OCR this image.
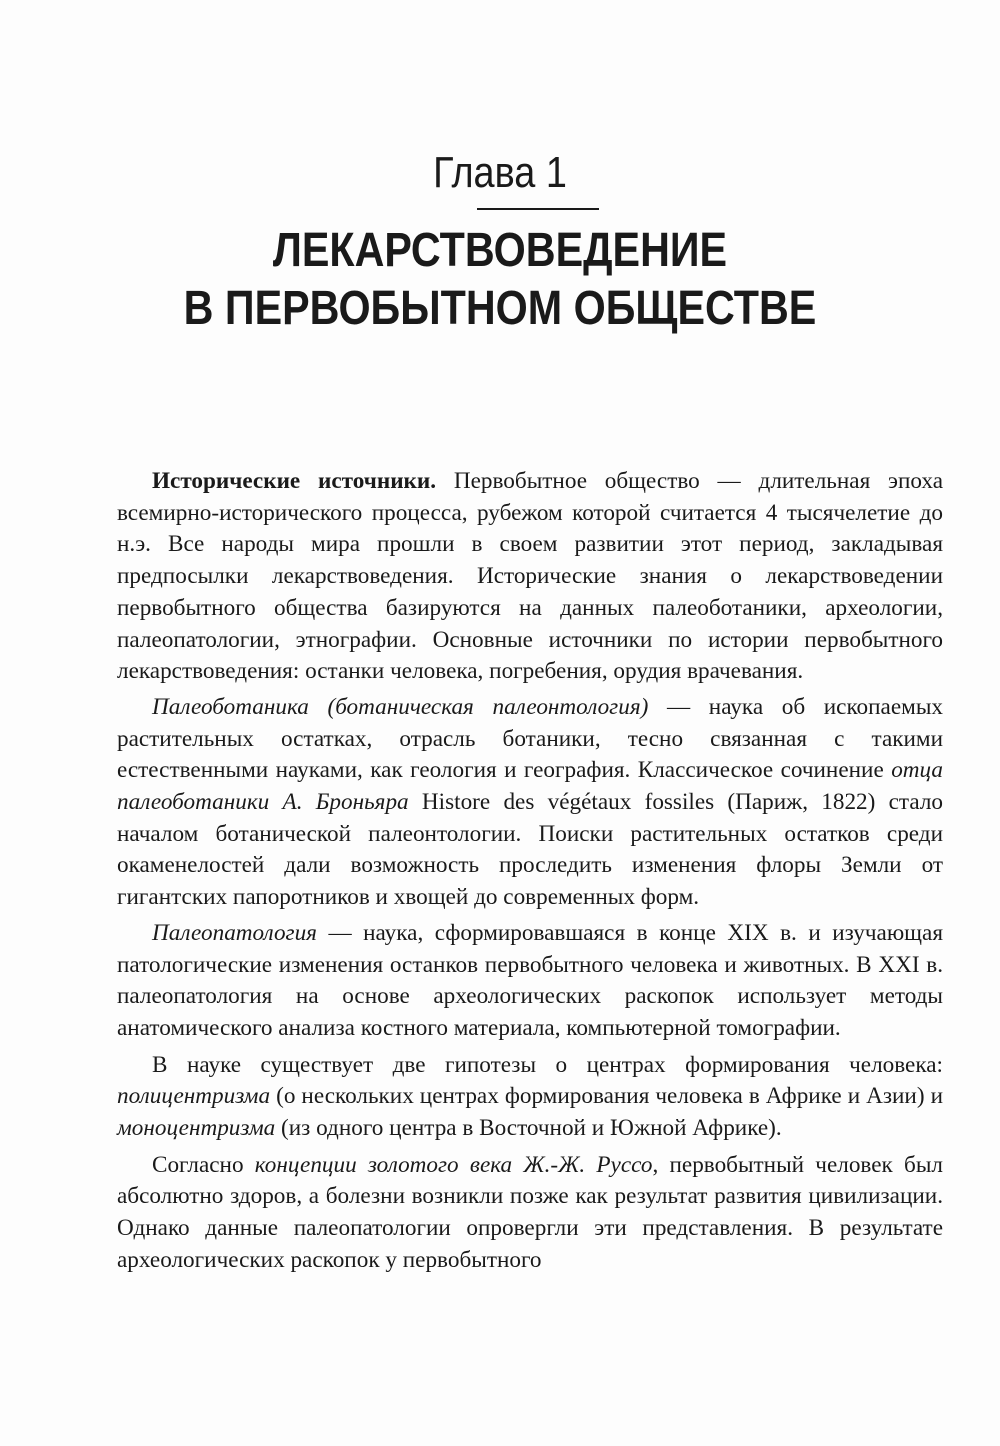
Глава 1
ЛЕКАРСТВОВЕДЕНИЕ
В ПЕРВОБЫТНОМ ОБЩЕСТВЕ

Исторические источники. Первобытное общество — длительная эпоха всемирно-исторического процесса, рубежом которой считается 4 тысячелетие до н.э. Все народы мира прошли в своем развитии этот период, закладывая предпосылки лекарствоведения. Исторические знания о лекарствоведении первобытного общества базируются на данных палеоботаники, археологии, палеопатологии, этнографии. Основные источники по истории первобытного лекарствоведения: останки человека, погребения, орудия врачевания.

Палеоботаника (ботаническая палеонтология) — наука об ископаемых растительных остатках, отрасль ботаники, тесно связанная с такими естественными науками, как геология и география. Классическое сочинение отца палеоботаники А. Броньяра Histore des végétaux fossiles (Париж, 1822) стало началом ботанической палеонтологии. Поиски растительных остатков среди окаменелостей дали возможность проследить изменения флоры Земли от гигантских папоротников и хвощей до современных форм.

Палеопатология — наука, сформировавшаяся в конце XIX в. и изучающая патологические изменения останков первобытного человека и животных. В XXI в. палеопатология на основе археологических раскопок использует методы анатомического анализа костного материала, компьютерной томографии.

В науке существует две гипотезы о центрах формирования человека: полицентризма (о нескольких центрах формирования человека в Африке и Азии) и моноцентризма (из одного центра в Восточной и Южной Африке).

Согласно концепции золотого века Ж.-Ж. Руссо, первобытный человек был абсолютно здоров, а болезни возникли позже как результат развития цивилизации. Однако данные палеопатологии опровергли эти представления. В результате археологических раскопок у первобытного
